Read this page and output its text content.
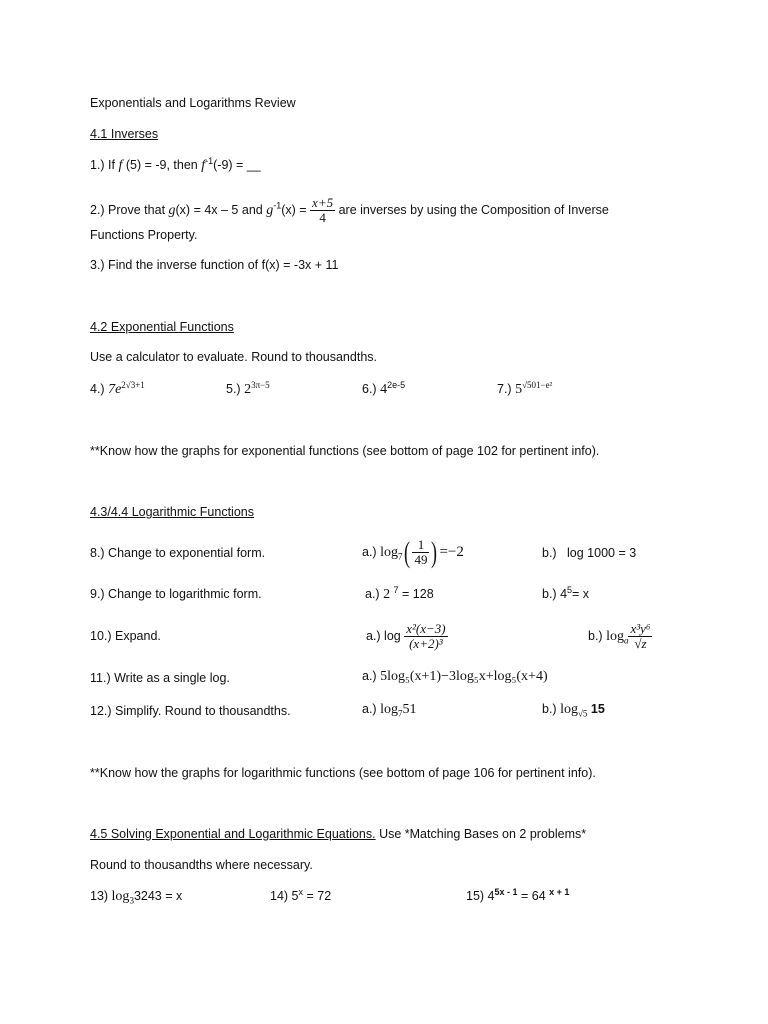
Exponentials and Logarithms Review
4.1 Inverses
1.) If f (5) = -9, then $f^{-1}(-9)$ = __
2.) Prove that g(x) = 4x – 5 and $g^{-1}(x) = \frac{x+5}{4}$ are inverses by using the Composition of Inverse
Functions Property.
3.) Find the inverse function of f(x) = -3x + 11
4.2 Exponential Functions
Use a calculator to evaluate. Round to thousandths.
4.) $7e^{2√3+1}$	5.) $2^{3\pi-5}$	6.) $4^{2e-5}$	7.) $5^{√501-e^2}$
**Know how the graphs for exponential functions (see bottom of page 102 for pertinent info).
4.3/4.4 Logarithmic Functions
8.) Change to exponential form.	a.) $\log_7( \frac{1}{49}$ ) =−2	b.) log 1000 = 3
9.) Change to logarithmic form.	a.) 2 $^7$ = 128	b.) $4^5= x$
10.) Expand.	a.) $\log \frac{\text{x²(x−3)}}{\text{(x+2)³}}$	b.) $\log_a \frac{\text{x³y⁶}}{√z}$
11.) Write as a single log.	a.) 5log₅(x+1)−3log₅x+log₅(x+4)
12.) Simplify. Round to thousandths.	a.) $\log_751$	b.) $\log_{√5} 15$
**Know how the graphs for logarithmic functions (see bottom of page 106 for pertinent info).
4.5 Solving Exponential and Logarithmic Equations. Use *Matching Bases on 2 problems*
Round to thousandths where necessary.
13) $\log_33243 = x$	14) $5^x = 72$	15) $4^{5x - 1} = 64$ $^{x + 1}$
